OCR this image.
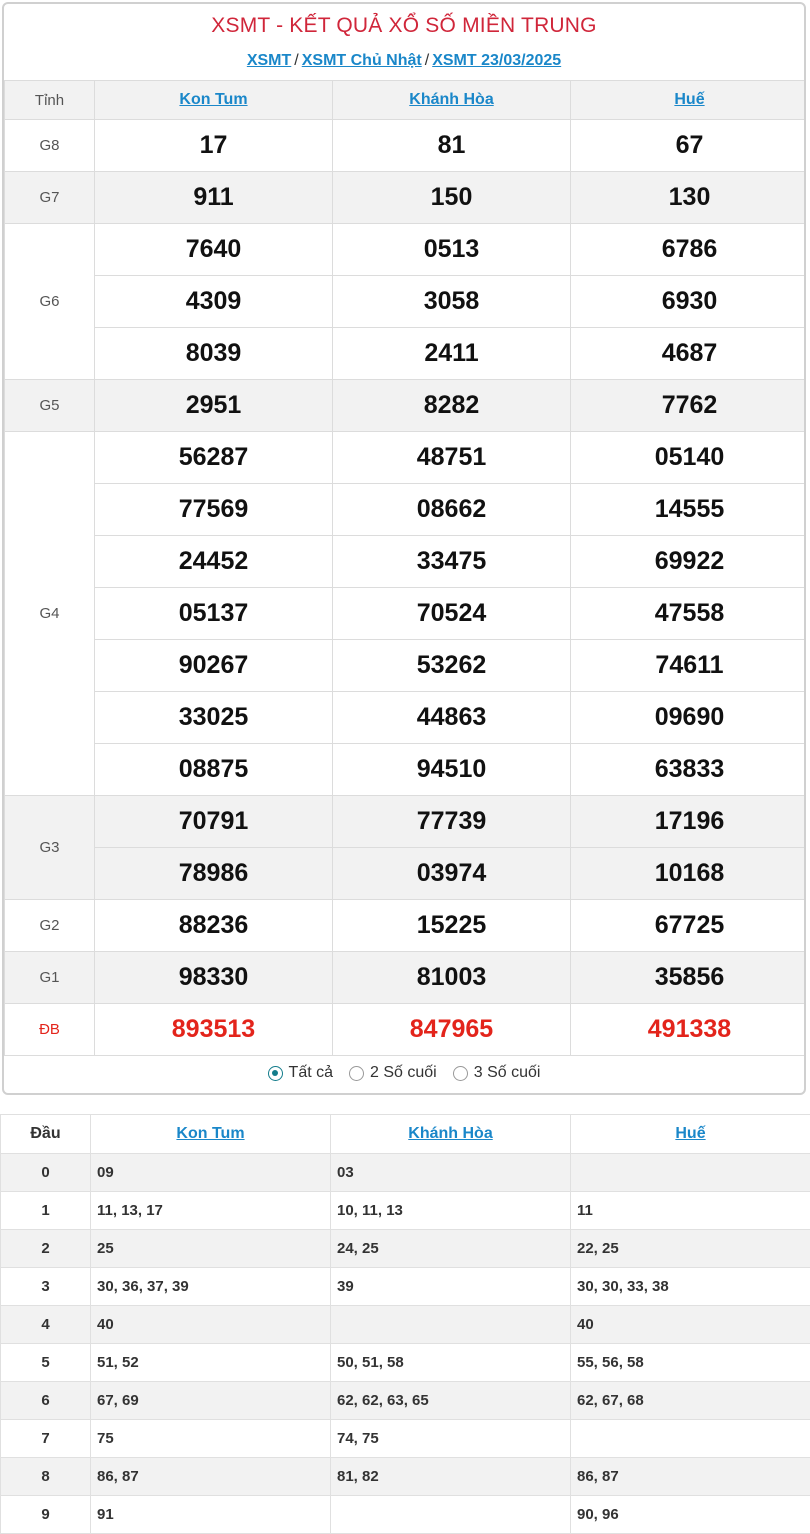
XSMT - KẾT QUẢ XỔ SỐ MIỀN TRUNG
XSMT / XSMT Chủ Nhật / XSMT 23/03/2025
Tỉnh	Kon Tum	Khánh Hòa	Huế
G8	17	81	67
G7	911	150	130
G6	7640	0513	6786
	4309	3058	6930
	8039	2411	4687
G5	2951	8282	7762
G4	56287	48751	05140
	77569	08662	14555
	24452	33475	69922
	05137	70524	47558
	90267	53262	74611
	33025	44863	09690
	08875	94510	63833
G3	70791	77739	17196
	78986	03974	10168
G2	88236	15225	67725
G1	98330	81003	35856
ĐB	893513	847965	491338
Tất cả 2 Số cuối 3 Số cuối
Đầu	Kon Tum	Khánh Hòa	Huế
0	09	03	
1	11, 13, 17	10, 11, 13	11
2	25	24, 25	22, 25
3	30, 36, 37, 39	39	30, 30, 33, 38
4	40		40
5	51, 52	50, 51, 58	55, 56, 58
6	67, 69	62, 62, 63, 65	62, 67, 68
7	75	74, 75	
8	86, 87	81, 82	86, 87
9	91		90, 96
